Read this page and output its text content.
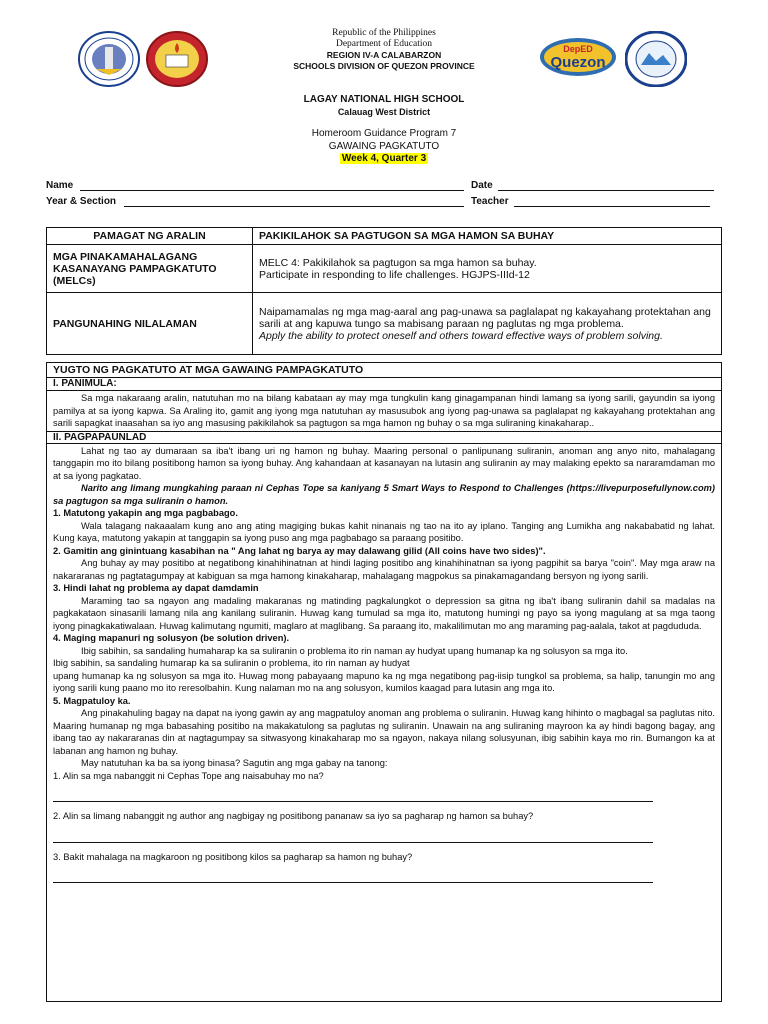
DepED
Quezon
Republic of the Philippines
Department of Education
REGION IV-A CALABARZON
SCHOOLS DIVISION OF QUEZON PROVINCE
LAGAY NATIONAL HIGH SCHOOL
Calauag West District
Homeroom Guidance Program 7
GAWAING PAGKATUTO
Week 4, Quarter 3
Name	Date
Year & Section	Teacher
PAMAGAT NG ARALIN	PAKIKILAHOK SA PAGTUGON SA MGA HAMON SA BUHAY
MGA PINAKAMAHALAGANG KASANAYANG PAMPAGKATUTO (MELCs)	MELC 4: Pakikilahok sa pagtugon sa mga hamon sa buhay.
Participate in responding to life challenges. HGJPS-IIId-12

PANGUNAHING NILALAMAN	Naipamamalas ng mga mag-aaral ang pag-unawa sa paglalapat ng kakayahang protektahan ang sarili at ang kapuwa tungo sa mabisang paraan ng paglutas ng mga problema.
Apply the ability to protect oneself and others toward effective ways of problem solving.
YUGTO NG PAGKATUTO AT MGA GAWAING PAMPAGKATUTO
I. PANIMULA:

Sa mga nakaraang aralin, natutuhan mo na bilang kabataan ay may mga tungkulin kang ginagampanan hindi lamang sa iyong sarili, gayundin sa iyong pamilya at sa iyong kapwa. Sa Araling ito, gamit ang iyong mga natutuhan ay masusubok ang iyong pag-unawa sa paglalapat ng kakayahang protektahan ang sarili sapagkat inaasahan sa iyo ang masusing pakikilahok sa pagtugon sa mga hamon ng buhay o sa mga suliraning kinakaharap..

II. PAGPAPAUNLAD

Lahat ng tao ay dumaraan sa iba't ibang uri ng hamon ng buhay. Maaring personal o panlipunang suliranin, anoman ang anyo nito, mahalagang tanggapin mo ito bilang positibong hamon sa iyong buhay. Ang kahandaan at kasanayan na lutasin ang suliranin ay may malaking epekto sa nararamdaman mo at sa iyong pagkatao.

Narito ang limang mungkahing paraan ni Cephas Tope sa kaniyang 5 Smart Ways to Respond to Challenges (https://livepurposefullynow.com) sa pagtugon sa mga suliranin o hamon.

1. Matutong yakapin ang mga pagbabago.

Wala talagang nakaaalam kung ano ang ating magiging bukas kahit ninanais ng tao na ito ay iplano. Tanging ang Lumikha ang nakababatid ng lahat. Kung kaya, matutong yakapin at tanggapin sa iyong puso ang mga pagbabago sa paraang positibo.

2. Gamitin ang ginintuang kasabihan na " Ang lahat ng barya ay may dalawang gilid (All coins have two sides)".

Ang buhay ay may positibo at negatibong kinahihinatnan at hindi laging positibo ang kinahihinatnan sa iyong pagpihit sa barya "coin". May mga araw na nakararanas ng pagtatagumpay at kabiguan sa mga hamong kinakaharap, mahalagang magpokus sa pinakamagandang bersyon ng iyong sarili.

3. Hindi lahat ng problema ay dapat damdamin

Maraming tao sa ngayon ang madaling makaranas ng matinding pagkalungkot o depression sa gitna ng iba't ibang suliranin dahil sa madalas na pagkakataon sinasarili lamang nila ang kanilang suliranin. Huwag kang tumulad sa mga ito, matutong humingi ng payo sa iyong magulang at sa mga taong iyong pinagkakatiwalaan. Huwag kalimutang ngumiti, maglaro at maglibang. Sa paraang ito, makalilimutan mo ang maraming pag-aalala, takot at pagdududa.

4. Maging mapanuri ng solusyon (be solution driven).

Ibig sabihin, sa sandaling humaharap ka sa suliranin o problema ito rin naman ay hudyat upang humanap ka ng solusyon sa mga ito.

Ibig sabihin, sa sandaling humarap ka sa suliranin o problema, ito rin naman ay hudyat

upang humanap ka ng solusyon sa mga ito. Huwag mong pabayaang mapuno ka ng mga negatibong pag-iisip tungkol sa problema, sa halip, tanungin mo ang iyong sarili kung paano mo ito reresolbahin. Kung nalaman mo na ang solusyon, kumilos kaagad para lutasin ang mga ito.

5. Magpatuloy ka.

Ang pinakahuling bagay na dapat na iyong gawin ay ang magpatuloy anoman ang problema o suliranin. Huwag kang hihinto o magbagal sa paglutas nito. Maaring humanap ng mga babasahing positibo na makakatulong sa paglutas ng suliranin. Unawain na ang suliraning mayroon ka ay hindi bagong bagay, ang ibang tao ay nakararanas din at nagtagumpay sa sitwasyong kinakaharap mo sa ngayon, nakaya nilang solusyunan, ibig sabihin kaya mo rin. Bumangon ka at labanan ang hamon ng buhay.

May natutuhan ka ba sa iyong binasa? Sagutin ang mga gabay na tanong:

1. Alin sa mga nabanggit ni Cephas Tope ang naisabuhay mo na?

2. Alin sa limang nabanggit ng author ang nagbigay ng positibong pananaw sa iyo sa pagharap ng hamon sa buhay?

3. Bakit mahalaga na magkaroon ng positibong kilos sa pagharap sa hamon ng buhay?
